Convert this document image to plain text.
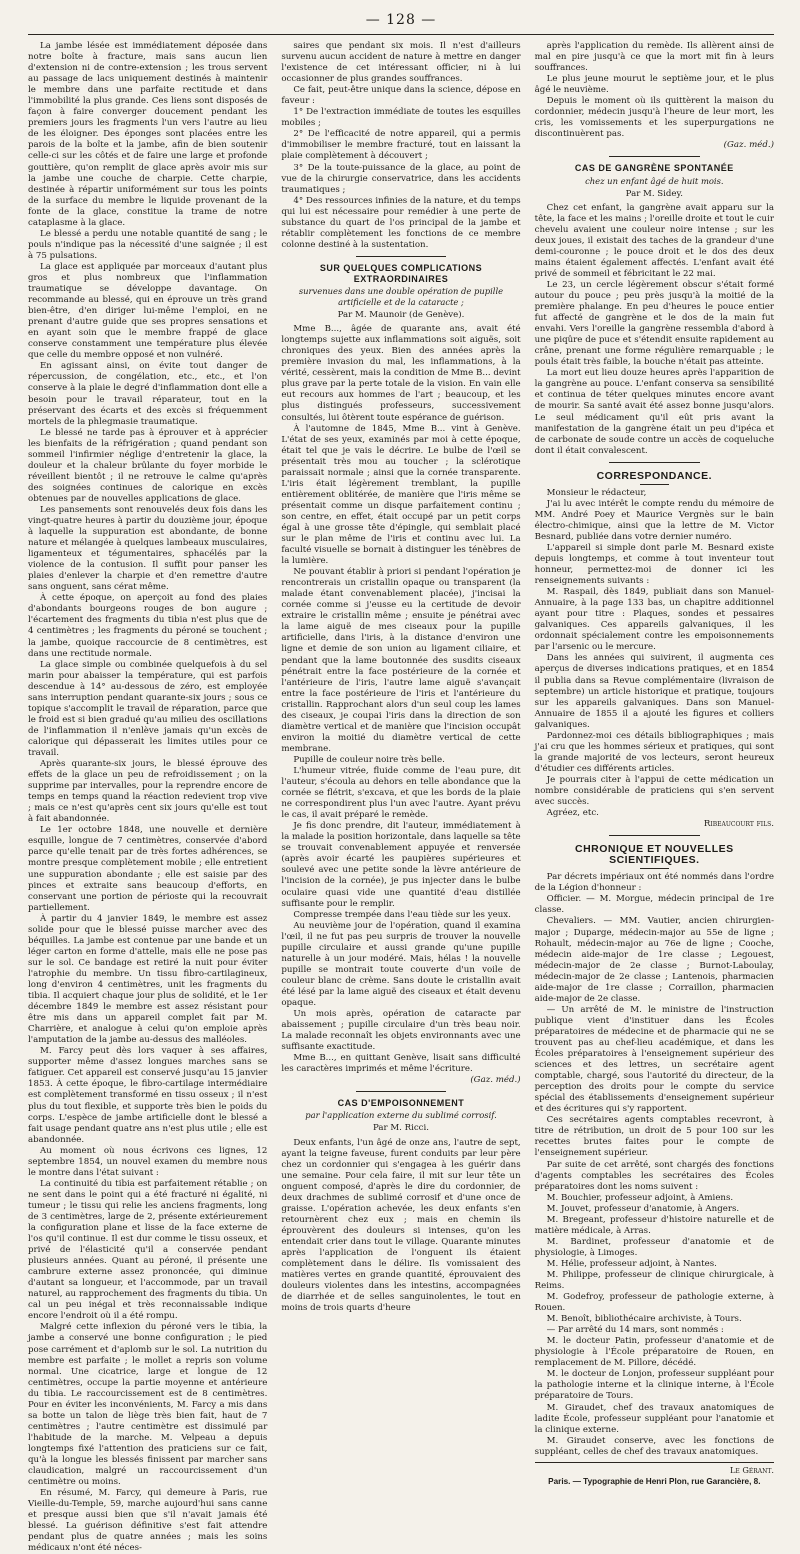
— 128 —

La jambe lésée est immédiatement déposée dans notre boîte à fracture, mais sans aucun lien d'extension ni de contre-extension ; les trous servent au passage de lacs uniquement destinés à maintenir le membre dans une parfaite rectitude et dans l'immobilité la plus grande. Ces liens sont disposés de façon à faire converger doucement pendant les premiers jours les fragments l'un vers l'autre au lieu de les éloigner. Des éponges sont placées entre les parois de la boîte et la jambe, afin de bien soutenir celle-ci sur les côtés et de faire une large et profonde gouttière, qu'on remplit de glace après avoir mis sur la jambe une couche de charpie. Cette charpie, destinée à répartir uniformément sur tous les points de la surface du membre le liquide provenant de la fonte de la glace, constitue la trame de notre cataplasme à la glace.

Le blessé a perdu une notable quantité de sang ; le pouls n'indique pas la nécessité d'une saignée ; il est à 75 pulsations.

La glace est appliquée par morceaux d'autant plus gros et plus nombreux que l'inflammation traumatique se développe davantage. On recommande au blessé, qui en éprouve un très grand bien-être, d'en diriger lui-même l'emploi, en ne prenant d'autre guide que ses propres sensations et en ayant soin que le membre frappé de glace conserve constamment une température plus élevée que celle du membre opposé et non vulnéré.

En agissant ainsi, on évite tout danger de répercussion, de congélation, etc., etc., et l'on conserve à la plaie le degré d'inflammation dont elle a besoin pour le travail réparateur, tout en la préservant des écarts et des excès si fréquemment mortels de la phlegmasie traumatique.

Le blessé ne tarde pas à éprouver et à apprécier les bienfaits de la réfrigération ; quand pendant son sommeil l'infirmier néglige d'entretenir la glace, la douleur et la chaleur brûlante du foyer morbide le réveillent bientôt ; il ne retrouve le calme qu'après des soignées continues de calorique en excès obtenues par de nouvelles applications de glace.

Les pansements sont renouvelés deux fois dans les vingt-quatre heures à partir du douzième jour, époque à laquelle la suppuration est abondante, de bonne nature et mélangée à quelques lambeaux musculaires, ligamenteux et tégumentaires, sphacélés par la violence de la contusion. Il suffit pour panser les plaies d'enlever la charpie et d'en remettre d'autre sans onguent, sans cérat même.

À cette époque, on aperçoit au fond des plaies d'abondants bourgeons rouges de bon augure ; l'écartement des fragments du tibia n'est plus que de 4 centimètres ; les fragments du péroné se touchent ; la jambe, quoique raccourcie de 8 centimètres, est dans une rectitude normale.

La glace simple ou combinée quelquefois à du sel marin pour abaisser la température, qui est parfois descendue à 14° au-dessous de zéro, est employée sans interruption pendant quarante-six jours ; sous ce topique s'accomplit le travail de réparation, parce que le froid est si bien gradué qu'au milieu des oscillations de l'inflammation il n'enlève jamais qu'un excès de calorique qui dépasserait les limites utiles pour ce travail.

Après quarante-six jours, le blessé éprouve des effets de la glace un peu de refroidissement ; on la supprime par intervalles, pour la reprendre encore de temps en temps quand la réaction redevient trop vive ; mais ce n'est qu'après cent six jours qu'elle est tout à fait abandonnée.

Le 1er octobre 1848, une nouvelle et dernière esquille, longue de 7 centimètres, conservée d'abord parce qu'elle tenait par de très fortes adhérences, se montre presque complètement mobile ; elle entretient une suppuration abondante ; elle est saisie par des pinces et extraite sans beaucoup d'efforts, en conservant une portion de périoste qui la recouvrait partiellement.

À partir du 4 janvier 1849, le membre est assez solide pour que le blessé puisse marcher avec des béquilles. La jambe est contenue par une bande et un léger carton en forme d'attelle, mais elle ne pose pas sur le sol. Ce bandage est retiré la nuit pour éviter l'atrophie du membre. Un tissu fibro-cartilagineux, long d'environ 4 centimètres, unit les fragments du tibia. Il acquiert chaque jour plus de solidité, et le 1er décembre 1849 le membre est assez résistant pour être mis dans un appareil complet fait par M. Charrière, et analogue à celui qu'on emploie après l'amputation de la jambe au-dessus des malléoles.

M. Farcy peut dès lors vaquer à ses affaires, supporter même d'assez longues marches sans se fatiguer. Cet appareil est conservé jusqu'au 15 janvier 1853. À cette époque, le fibro-cartilage intermédiaire est complètement transformé en tissu osseux ; il n'est plus du tout flexible, et supporte très bien le poids du corps. L'espèce de jambe artificielle dont le blessé a fait usage pendant quatre ans n'est plus utile ; elle est abandonnée.

Au moment où nous écrivons ces lignes, 12 septembre 1854, un nouvel examen du membre nous le montre dans l'état suivant :

La continuité du tibia est parfaitement rétablie ; on ne sent dans le point qui a été fracturé ni égalité, ni tumeur ; le tissu qui relie les anciens fragments, long de 3 centimètres, large de 2, présente extérieurement la configuration plane et lisse de la face externe de l'os qu'il continue. Il est dur comme le tissu osseux, et privé de l'élasticité qu'il a conservée pendant plusieurs années. Quant au péroné, il présente une cambrure externe assez prononcée, qui diminue d'autant sa longueur, et l'accommode, par un travail naturel, au rapprochement des fragments du tibia. Un cal un peu inégal et très reconnaissable indique encore l'endroit où il a été rompu.

Malgré cette inflexion du péroné vers le tibia, la jambe a conservé une bonne configuration ; le pied pose carrément et d'aplomb sur le sol. La nutrition du membre est parfaite ; le mollet a repris son volume normal. Une cicatrice, large et longue de 12 centimètres, occupe la partie moyenne et antérieure du tibia. Le raccourcissement est de 8 centimètres. Pour en éviter les inconvénients, M. Farcy a mis dans sa botte un talon de liège très bien fait, haut de 7 centimètres ; l'autre centimètre est dissimulé par l'habitude de la marche. M. Velpeau a depuis longtemps fixé l'attention des praticiens sur ce fait, qu'à la longue les blessés finissent par marcher sans claudication, malgré un raccourcissement d'un centimètre ou moins.

En résumé, M. Farcy, qui demeure à Paris, rue Vieille-du-Temple, 59, marche aujourd'hui sans canne et presque aussi bien que s'il n'avait jamais été blessé. La guérison définitive s'est fait attendre pendant plus de quatre années ; mais les soins médicaux n'ont été néces-

saires que pendant six mois. Il n'est d'ailleurs survenu aucun accident de nature à mettre en danger l'existence de cet intéressant officier, ni à lui occasionner de plus grandes souffrances.

Ce fait, peut-être unique dans la science, dépose en faveur :

1° De l'extraction immédiate de toutes les esquilles mobiles ;

2° De l'efficacité de notre appareil, qui a permis d'immobiliser le membre fracturé, tout en laissant la plaie complètement à découvert ;

3° De la toute-puissance de la glace, au point de vue de la chirurgie conservatrice, dans les accidents traumatiques ;

4° Des ressources infinies de la nature, et du temps qui lui est nécessaire pour remédier à une perte de substance du quart de l'os principal de la jambe et rétablir complètement les fonctions de ce membre colonne destiné à la sustentation.

SUR QUELQUES COMPLICATIONS EXTRAORDINAIRES
survenues dans une double opération de pupille artificielle et de la cataracte ;
Par M. Maunoir (de Genève).

Mme B..., âgée de quarante ans, avait été longtemps sujette aux inflammations soit aiguës, soit chroniques des yeux. Bien des années après la première invasion du mal, les inflammations, à la vérité, cessèrent, mais la condition de Mme B... devint plus grave par la perte totale de la vision. En vain elle eut recours aux hommes de l'art ; beaucoup, et les plus distingués professeurs, successivement consultés, lui ôtèrent toute espérance de guérison.

À l'automne de 1845, Mme B... vint à Genève. L'état de ses yeux, examinés par moi à cette époque, était tel que je vais le décrire. Le bulbe de l'œil se présentait très mou au toucher ; la sclérotique paraissait normale ; ainsi que la cornée transparente. L'iris était légèrement tremblant, la pupille entièrement oblitérée, de manière que l'iris même se présentait comme un disque parfaitement continu ; son centre, en effet, était occupé par un petit corps égal à une grosse tête d'épingle, qui semblait placé sur le plan même de l'iris et continu avec lui. La faculté visuelle se bornait à distinguer les ténèbres de la lumière.

Ne pouvant établir à priori si pendant l'opération je rencontrerais un cristallin opaque ou transparent (la malade étant convenablement placée), j'incisai la cornée comme si j'eusse eu la certitude de devoir extraire le cristallin même ; ensuite je pénétrai avec la lame aiguë de mes ciseaux pour la pupille artificielle, dans l'iris, à la distance d'environ une ligne et demie de son union au ligament ciliaire, et pendant que la lame boutonnée des susdits ciseaux pénétrait entre la face postérieure de la cornée et l'antérieure de l'iris, l'autre lame aiguë s'avançait entre la face postérieure de l'iris et l'antérieure du cristallin. Rapprochant alors d'un seul coup les lames des ciseaux, je coupai l'iris dans la direction de son diamètre vertical et de manière que l'incision occupât environ la moitié du diamètre vertical de cette membrane.

Pupille de couleur noire très belle.

L'humeur vitrée, fluide comme de l'eau pure, dit l'auteur, s'écoula au dehors en telle abondance que la cornée se flétrit, s'excava, et que les bords de la plaie ne correspondirent plus l'un avec l'autre. Ayant prévu le cas, il avait préparé le remède.

Je fis donc prendre, dit l'auteur, immédiatement à la malade la position horizontale, dans laquelle sa tête se trouvait convenablement appuyée et renversée (après avoir écarté les paupières supérieures et soulevé avec une petite sonde la lèvre antérieure de l'incision de la cornée), je pus injecter dans le bulbe oculaire quasi vide une quantité d'eau distillée suffisante pour le remplir.

Compresse trempée dans l'eau tiède sur les yeux.

Au neuvième jour de l'opération, quand il examina l'œil, il ne fut pas peu surpris de trouver la nouvelle pupille circulaire et aussi grande qu'une pupille naturelle à un jour modéré. Mais, hélas ! la nouvelle pupille se montrait toute couverte d'un voile de couleur blanc de crème. Sans doute le cristallin avait été lésé par la lame aiguë des ciseaux et était devenu opaque.

Un mois après, opération de cataracte par abaissement ; pupille circulaire d'un très beau noir. La malade reconnaît les objets environnants avec une suffisante exactitude.

Mme B..., en quittant Genève, lisait sans difficulté les caractères imprimés et même l'écriture.

(Gaz. méd.)

CAS D'EMPOISONNEMENT
par l'application externe du sublimé corrosif.
Par M. Ricci.

Deux enfants, l'un âgé de onze ans, l'autre de sept, ayant la teigne faveuse, furent conduits par leur père chez un cordonnier qui s'engagea à les guérir dans une semaine. Pour cela faire, il mit sur leur tête un onguent composé, d'après le dire du cordonnier, de deux drachmes de sublimé corrosif et d'une once de graisse. L'opération achevée, les deux enfants s'en retournèrent chez eux ; mais en chemin ils éprouvèrent des douleurs si intenses, qu'on les entendait crier dans tout le village. Quarante minutes après l'application de l'onguent ils étaient complètement dans le délire. Ils vomissaient des matières vertes en grande quantité, éprouvaient des douleurs violentes dans les intestins, accompagnées de diarrhée et de selles sanguinolentes, le tout en moins de trois quarts d'heure

après l'application du remède. Ils allèrent ainsi de mal en pire jusqu'à ce que la mort mit fin à leurs souffrances.

Le plus jeune mourut le septième jour, et le plus âgé le neuvième.

Depuis le moment où ils quittèrent la maison du cordonnier, médecin jusqu'à l'heure de leur mort, les cris, les vomissements et les superpurgations ne discontinuèrent pas.

(Gaz. méd.)

CAS DE GANGRÈNE SPONTANÉE
chez un enfant âgé de huit mois.
Par M. Sidey.

Chez cet enfant, la gangrène avait apparu sur la tête, la face et les mains ; l'oreille droite et tout le cuir chevelu avaient une couleur noire intense ; sur les deux joues, il existait des taches de la grandeur d'une demi-couronne ; le pouce droit et le dos des deux mains étaient également affectés. L'enfant avait été privé de sommeil et fébricitant le 22 mai.

Le 23, un cercle légèrement obscur s'était formé autour du pouce ; peu près jusqu'à la moitié de la première phalange. En peu d'heures le pouce entier fut affecté de gangrène et le dos de la main fut envahi. Vers l'oreille la gangrène ressembla d'abord à une piqûre de puce et s'étendit ensuite rapidement au crâne, prenant une forme régulière remarquable ; le pouls était très faible, la bouche n'était pas atteinte.

La mort eut lieu douze heures après l'apparition de la gangrène au pouce. L'enfant conserva sa sensibilité et continua de téter quelques minutes encore avant de mourir. Sa santé avait été assez bonne jusqu'alors. Le seul médicament qu'il eût pris avant la manifestation de la gangrène était un peu d'ipéca et de carbonate de soude contre un accès de coqueluche dont il était convalescent.

CORRESPONDANCE.

Monsieur le rédacteur,

J'ai lu avec intérêt le compte rendu du mémoire de MM. André Poey et Maurice Vergnès sur le bain électro-chimique, ainsi que la lettre de M. Victor Besnard, publiée dans votre dernier numéro.

L'appareil si simple dont parle M. Besnard existe depuis longtemps, et comme à tout inventeur tout honneur, permettez-moi de donner ici les renseignements suivants :

M. Raspail, dès 1849, publiait dans son Manuel-Annuaire, à la page 133 bas, un chapitre additionnel ayant pour titre : Plaques, sondes et pessaires galvaniques. Ces appareils galvaniques, il les ordonnait spécialement contre les empoisonnements par l'arsenic ou le mercure.

Dans les années qui suivirent, il augmenta ces aperçus de diverses indications pratiques, et en 1854 il publia dans sa Revue complémentaire (livraison de septembre) un article historique et pratique, toujours sur les appareils galvaniques. Dans son Manuel-Annuaire de 1855 il a ajouté les figures et colliers galvaniques.

Pardonnez-moi ces détails bibliographiques ; mais j'ai cru que les hommes sérieux et pratiques, qui sont la grande majorité de vos lecteurs, seront heureux d'étudier ces différents articles.

Je pourrais citer à l'appui de cette médication un nombre considérable de praticiens qui s'en servent avec succès.

Agréez, etc.

Ribeaucourt fils.

CHRONIQUE ET NOUVELLES SCIENTIFIQUES.

Par décrets impériaux ont été nommés dans l'ordre de la Légion d'honneur :

Officier. — M. Morgue, médecin principal de 1re classe.

Chevaliers. — MM. Vautier, ancien chirurgien-major ; Duparge, médecin-major au 55e de ligne ; Rohault, médecin-major au 76e de ligne ; Cooche, médecin aide-major de 1re classe ; Legouest, médecin-major de 2e classe ; Burnot-Laboulay, médecin-major de 2e classe ; Lantenois, pharmacien aide-major de 1re classe ; Corraillon, pharmacien aide-major de 2e classe.

— Un arrêté de M. le ministre de l'instruction publique vient d'instituer dans les Écoles préparatoires de médecine et de pharmacie qui ne se trouvent pas au chef-lieu académique, et dans les Écoles préparatoires à l'enseignement supérieur des sciences et des lettres, un secrétaire agent comptable, chargé, sous l'autorité du directeur, de la perception des droits pour le compte du service spécial des établissements d'enseignement supérieur et des écritures qui s'y rapportent.

Ces secrétaires agents comptables recevront, à titre de rétribution, un droit de 5 pour 100 sur les recettes brutes faites pour le compte de l'enseignement supérieur.

Par suite de cet arrêté, sont chargés des fonctions d'agents comptables les secrétaires des Écoles préparatoires dont les noms suivent :

M. Bouchier, professeur adjoint, à Amiens.

M. Jouvet, professeur d'anatomie, à Angers.

M. Bregeant, professeur d'histoire naturelle et de matière médicale, à Arras.

M. Bardinet, professeur d'anatomie et de physiologie, à Limoges.

M. Hélie, professeur adjoint, à Nantes.

M. Philippe, professeur de clinique chirurgicale, à Reims.

M. Godefroy, professeur de pathologie externe, à Rouen.

M. Benoît, bibliothécaire archiviste, à Tours.

— Par arrêté du 14 mars, sont nommés :

M. le docteur Patin, professeur d'anatomie et de physiologie à l'École préparatoire de Rouen, en remplacement de M. Pillore, décédé.

M. le docteur de Lonjon, professeur suppléant pour la pathologie interne et la clinique interne, à l'École préparatoire de Tours.

M. Giraudet, chef des travaux anatomiques de ladite École, professeur suppléant pour l'anatomie et la clinique externe.

M. Giraudet conserve, avec les fonctions de suppléant, celles de chef des travaux anatomiques.

Le Gérant.
Paris. — Typographie de Henri Plon, rue Garancière, 8.
